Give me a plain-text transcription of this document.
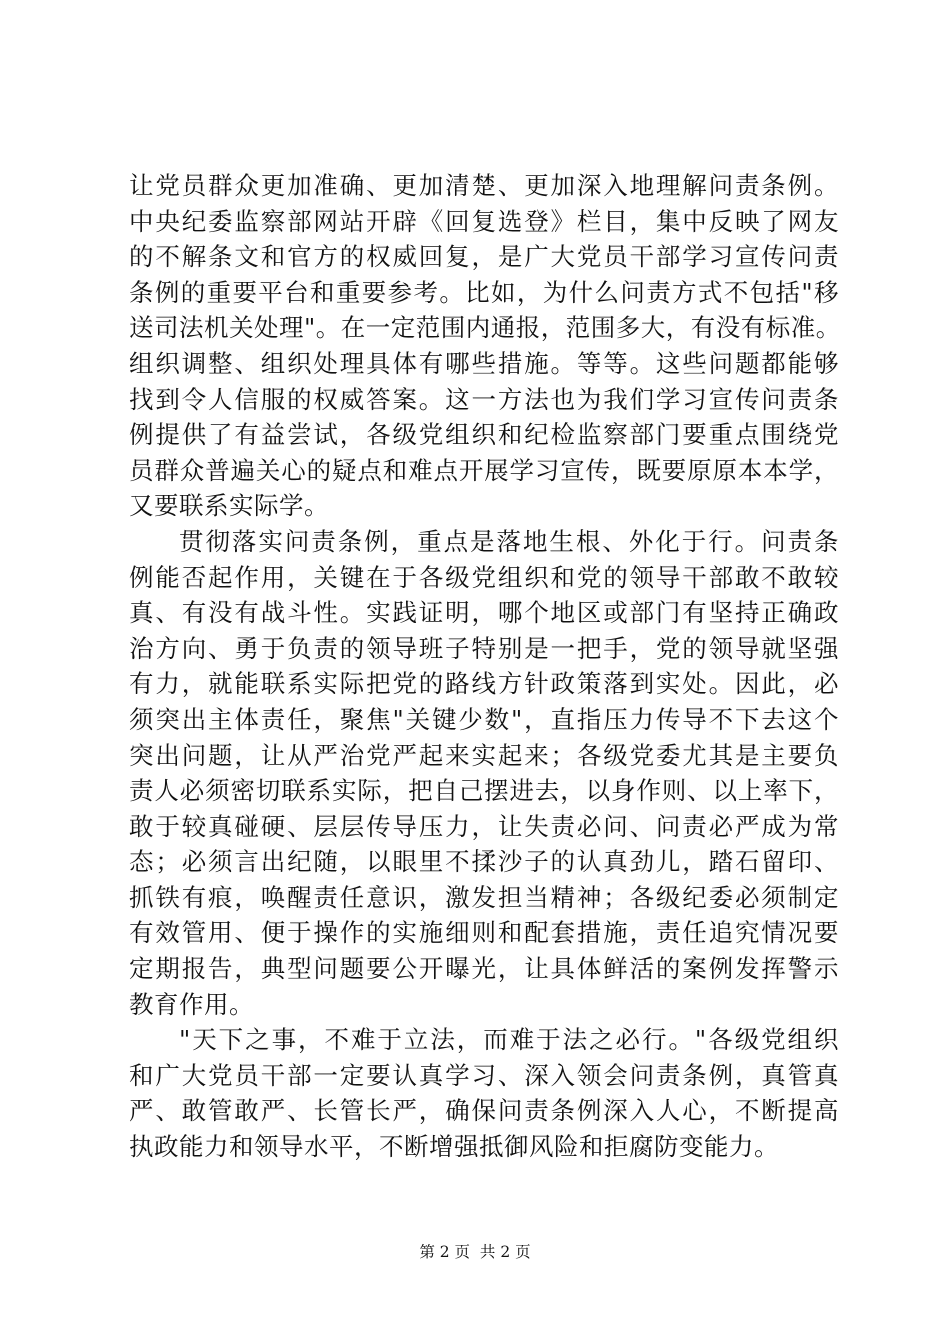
让党员群众更加准确、更加清楚、更加深入地理解问责条例。
中央纪委监察部网站开辟《回复选登》栏目，集中反映了网友
的不解条文和官方的权威回复，是广大党员干部学习宣传问责
条例的重要平台和重要参考。比如，为什么问责方式不包括"移
送司法机关处理"。在一定范围内通报，范围多大，有没有标准。
组织调整、组织处理具体有哪些措施。等等。这些问题都能够
找到令人信服的权威答案。这一方法也为我们学习宣传问责条
例提供了有益尝试，各级党组织和纪检监察部门要重点围绕党
员群众普遍关心的疑点和难点开展学习宣传，既要原原本本学，
又要联系实际学。
贯彻落实问责条例，重点是落地生根、外化于行。问责条
例能否起作用，关键在于各级党组织和党的领导干部敢不敢较
真、有没有战斗性。实践证明，哪个地区或部门有坚持正确政
治方向、勇于负责的领导班子特别是一把手，党的领导就坚强
有力，就能联系实际把党的路线方针政策落到实处。因此，必
须突出主体责任，聚焦"关键少数"，直指压力传导不下去这个
突出问题，让从严治党严起来实起来；各级党委尤其是主要负
责人必须密切联系实际，把自己摆进去，以身作则、以上率下，
敢于较真碰硬、层层传导压力，让失责必问、问责必严成为常
态；必须言出纪随，以眼里不揉沙子的认真劲儿，踏石留印、
抓铁有痕，唤醒责任意识，激发担当精神；各级纪委必须制定
有效管用、便于操作的实施细则和配套措施，责任追究情况要
定期报告，典型问题要公开曝光，让具体鲜活的案例发挥警示
教育作用。
"天下之事，不难于立法，而难于法之必行。"各级党组织
和广大党员干部一定要认真学习、深入领会问责条例，真管真
严、敢管敢严、长管长严，确保问责条例深入人心，不断提高
执政能力和领导水平，不断增强抵御风险和拒腐防变能力。
第 2 页  共 2 页
